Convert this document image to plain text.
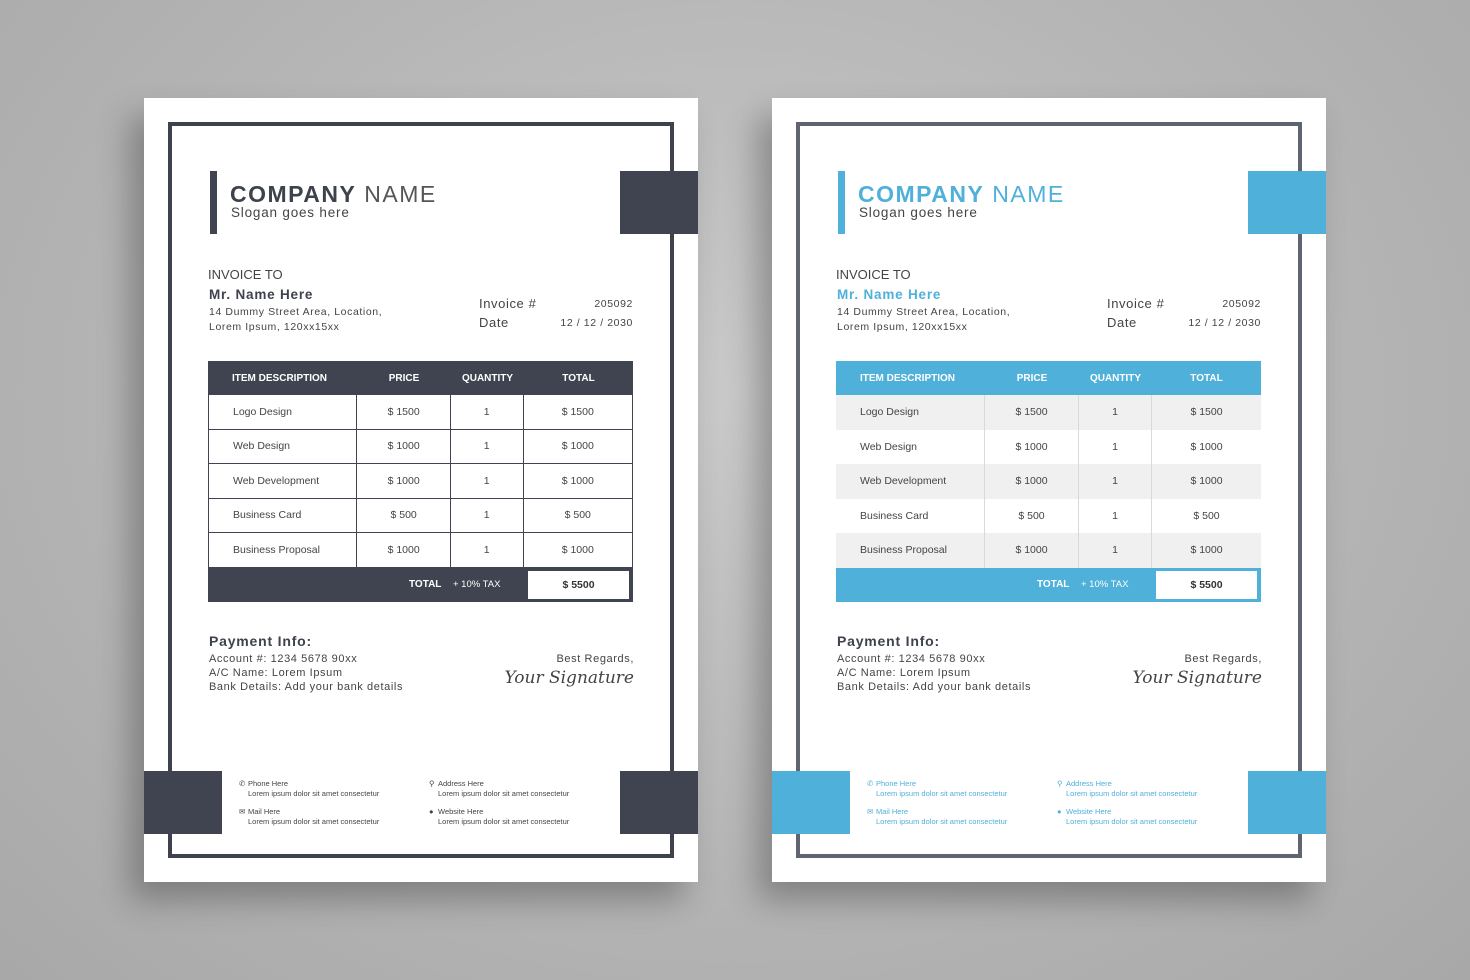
COMPANY NAME
Slogan goes here
INVOICE TO
Mr. Name Here
14 Dummy Street Area, Location,
Lorem Ipsum, 120xx15xx
Invoice #	205092
Date	12 / 12 / 2030
ITEM DESCRIPTION	PRICE	QUANTITY	TOTAL
Logo Design	$ 1500	1	$ 1500
Web Design	$ 1000	1	$ 1000
Web Development	$ 1000	1	$ 1000
Business Card	$ 500	1	$ 500
Business Proposal	$ 1000	1	$ 1000
TOTAL + 10% TAX	$ 5500
Payment Info:
Account #: 1234 5678 90xx
A/C Name: Lorem Ipsum
Bank Details: Add your bank details
Best Regards,
Your Signature
✆ Phone Here
Lorem ipsum dolor sit amet consectetur
⚲ Address Here
Lorem ipsum dolor sit amet consectetur
✉ Mail Here
Lorem ipsum dolor sit amet consectetur
● Website Here
Lorem ipsum dolor sit amet consectetur
COMPANY NAME
Slogan goes here
INVOICE TO
Mr. Name Here
14 Dummy Street Area, Location,
Lorem Ipsum, 120xx15xx
Invoice #	205092
Date	12 / 12 / 2030
ITEM DESCRIPTION	PRICE	QUANTITY	TOTAL
Logo Design	$ 1500	1	$ 1500
Web Design	$ 1000	1	$ 1000
Web Development	$ 1000	1	$ 1000
Business Card	$ 500	1	$ 500
Business Proposal	$ 1000	1	$ 1000
TOTAL + 10% TAX	$ 5500
Payment Info:
Account #: 1234 5678 90xx
A/C Name: Lorem Ipsum
Bank Details: Add your bank details
Best Regards,
Your Signature
✆ Phone Here
Lorem ipsum dolor sit amet consectetur
⚲ Address Here
Lorem ipsum dolor sit amet consectetur
✉ Mail Here
Lorem ipsum dolor sit amet consectetur
● Website Here
Lorem ipsum dolor sit amet consectetur
